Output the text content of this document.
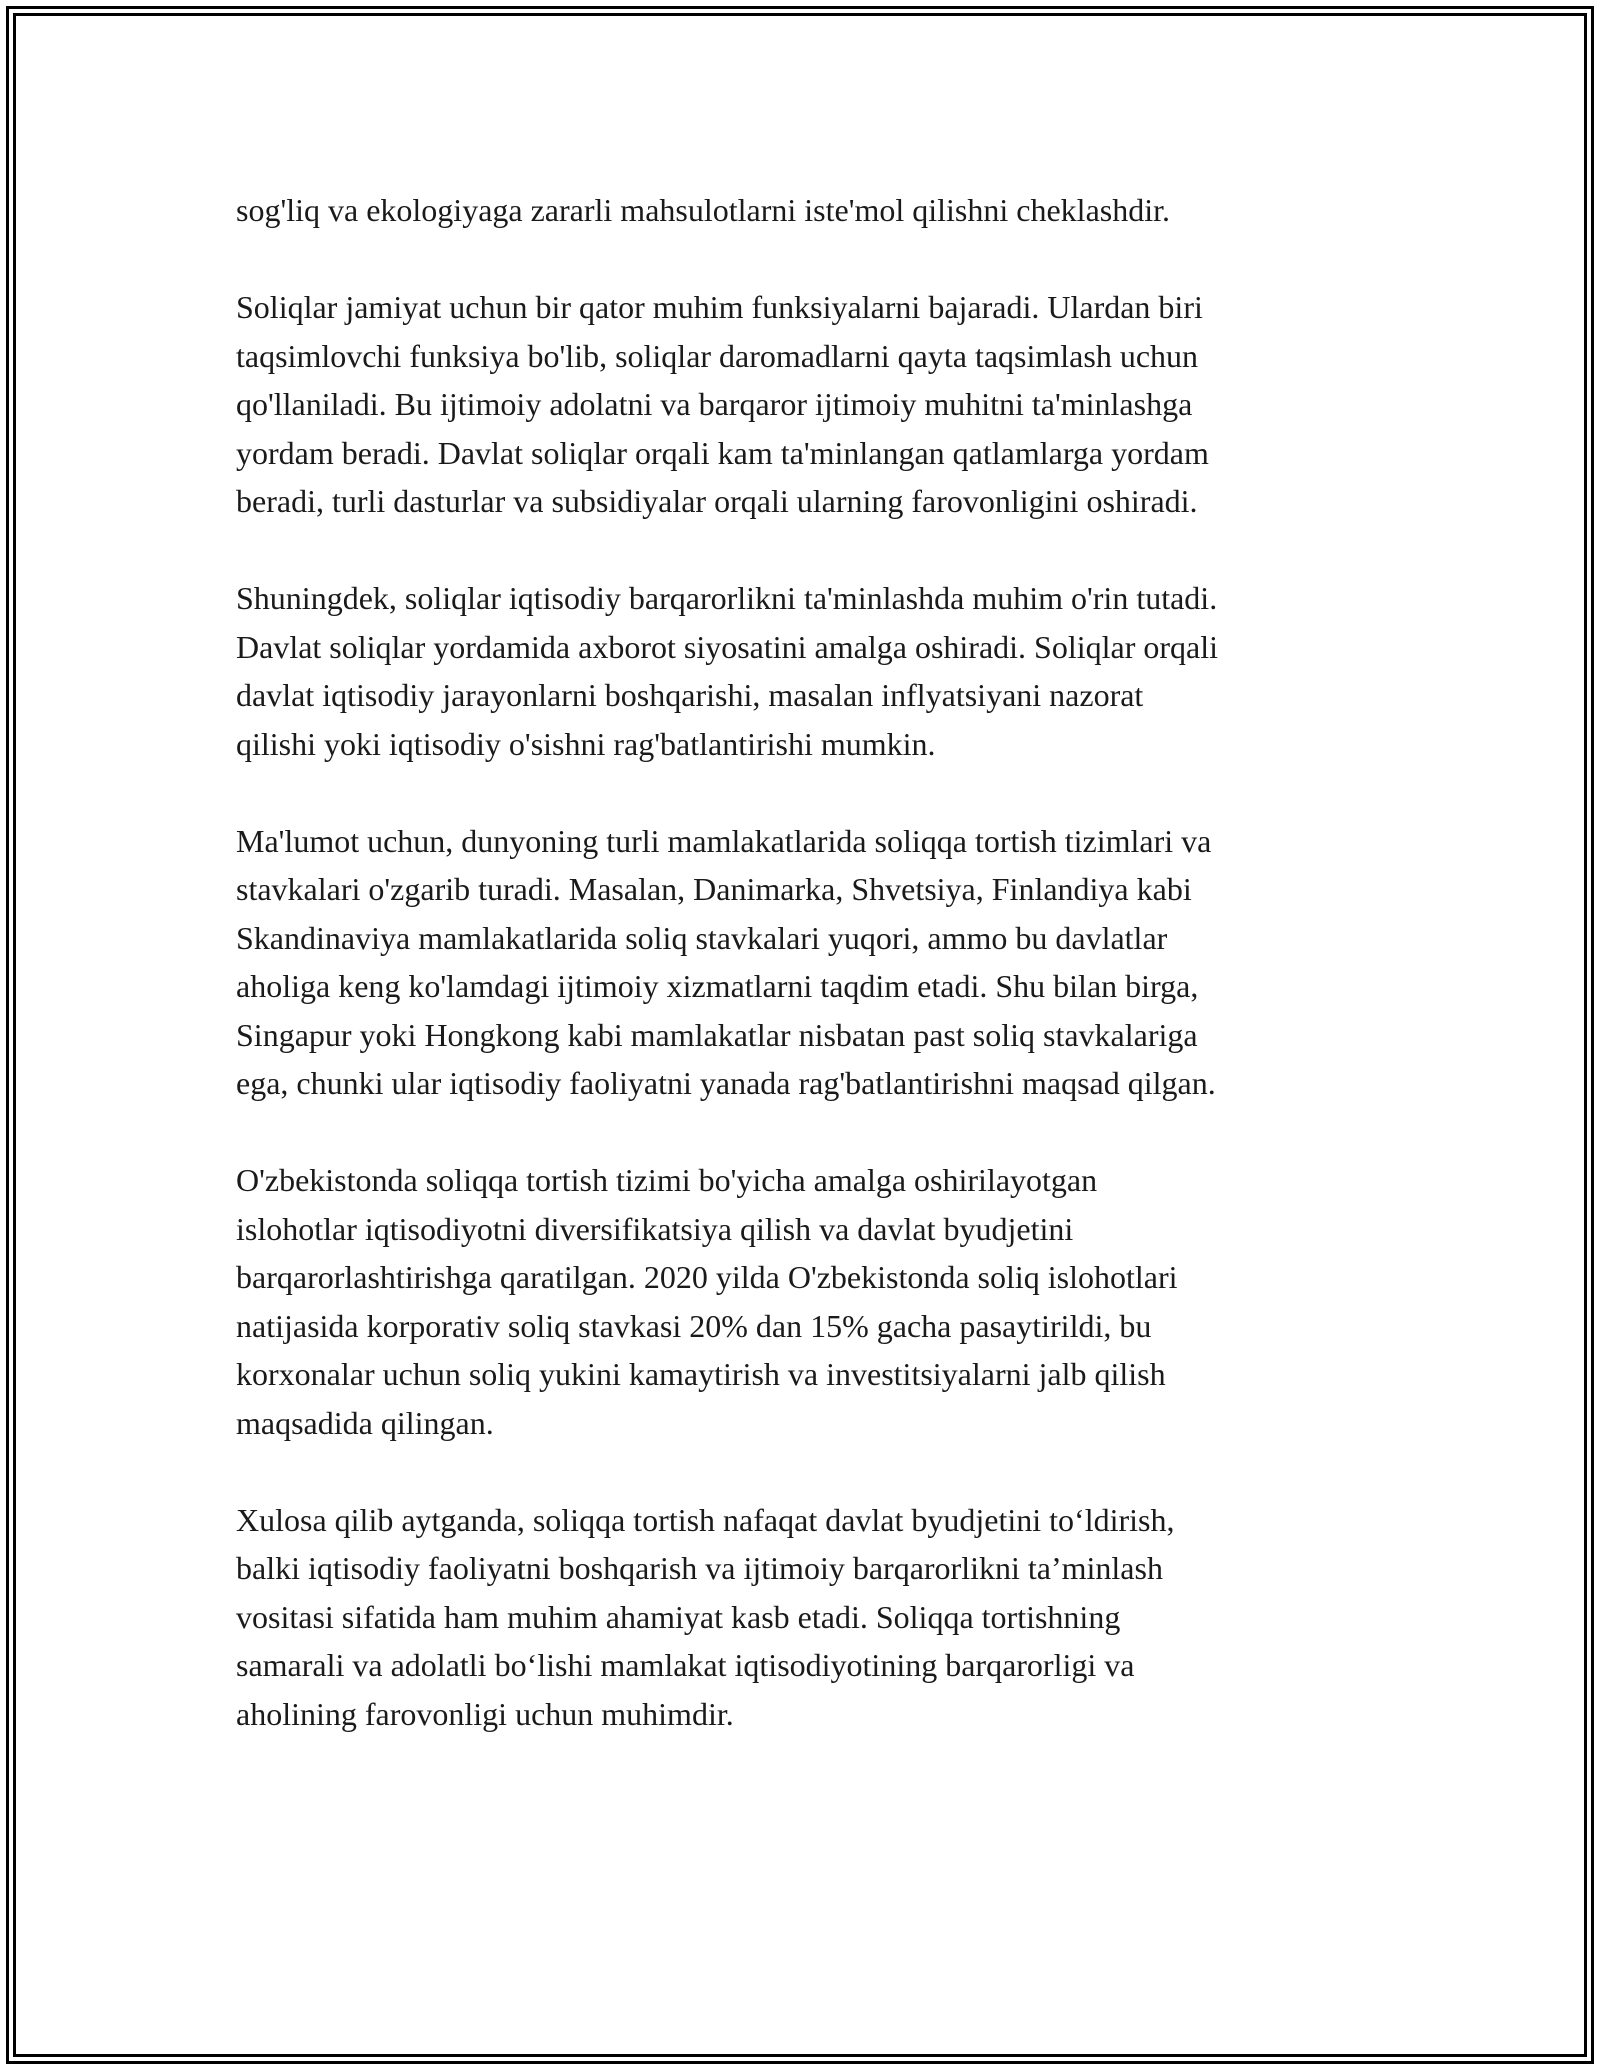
sog'liq va ekologiyaga zararli mahsulotlarni iste'mol qilishni cheklashdir.

Soliqlar jamiyat uchun bir qator muhim funksiyalarni bajaradi. Ulardan biri
taqsimlovchi funksiya bo'lib, soliqlar daromadlarni qayta taqsimlash uchun
qo'llaniladi. Bu ijtimoiy adolatni va barqaror ijtimoiy muhitni ta'minlashga
yordam beradi. Davlat soliqlar orqali kam ta'minlangan qatlamlarga yordam
beradi, turli dasturlar va subsidiyalar orqali ularning farovonligini oshiradi.

Shuningdek, soliqlar iqtisodiy barqarorlikni ta'minlashda muhim o'rin tutadi.
Davlat soliqlar yordamida axborot siyosatini amalga oshiradi. Soliqlar orqali
davlat iqtisodiy jarayonlarni boshqarishi, masalan inflyatsiyani nazorat
qilishi yoki iqtisodiy o'sishni rag'batlantirishi mumkin.

Ma'lumot uchun, dunyoning turli mamlakatlarida soliqqa tortish tizimlari va
stavkalari o'zgarib turadi. Masalan, Danimarka, Shvetsiya, Finlandiya kabi
Skandinaviya mamlakatlarida soliq stavkalari yuqori, ammo bu davlatlar
aholiga keng ko'lamdagi ijtimoiy xizmatlarni taqdim etadi. Shu bilan birga,
Singapur yoki Hongkong kabi mamlakatlar nisbatan past soliq stavkalariga
ega, chunki ular iqtisodiy faoliyatni yanada rag'batlantirishni maqsad qilgan.

O'zbekistonda soliqqa tortish tizimi bo'yicha amalga oshirilayotgan
islohotlar iqtisodiyotni diversifikatsiya qilish va davlat byudjetini
barqarorlashtirishga qaratilgan. 2020 yilda O'zbekistonda soliq islohotlari
natijasida korporativ soliq stavkasi 20% dan 15% gacha pasaytirildi, bu
korxonalar uchun soliq yukini kamaytirish va investitsiyalarni jalb qilish
maqsadida qilingan.

Xulosa qilib aytganda, soliqqa tortish nafaqat davlat byudjetini to‘ldirish,
balki iqtisodiy faoliyatni boshqarish va ijtimoiy barqarorlikni ta’minlash
vositasi sifatida ham muhim ahamiyat kasb etadi. Soliqqa tortishning
samarali va adolatli bo‘lishi mamlakat iqtisodiyotining barqarorligi va
aholining farovonligi uchun muhimdir.
